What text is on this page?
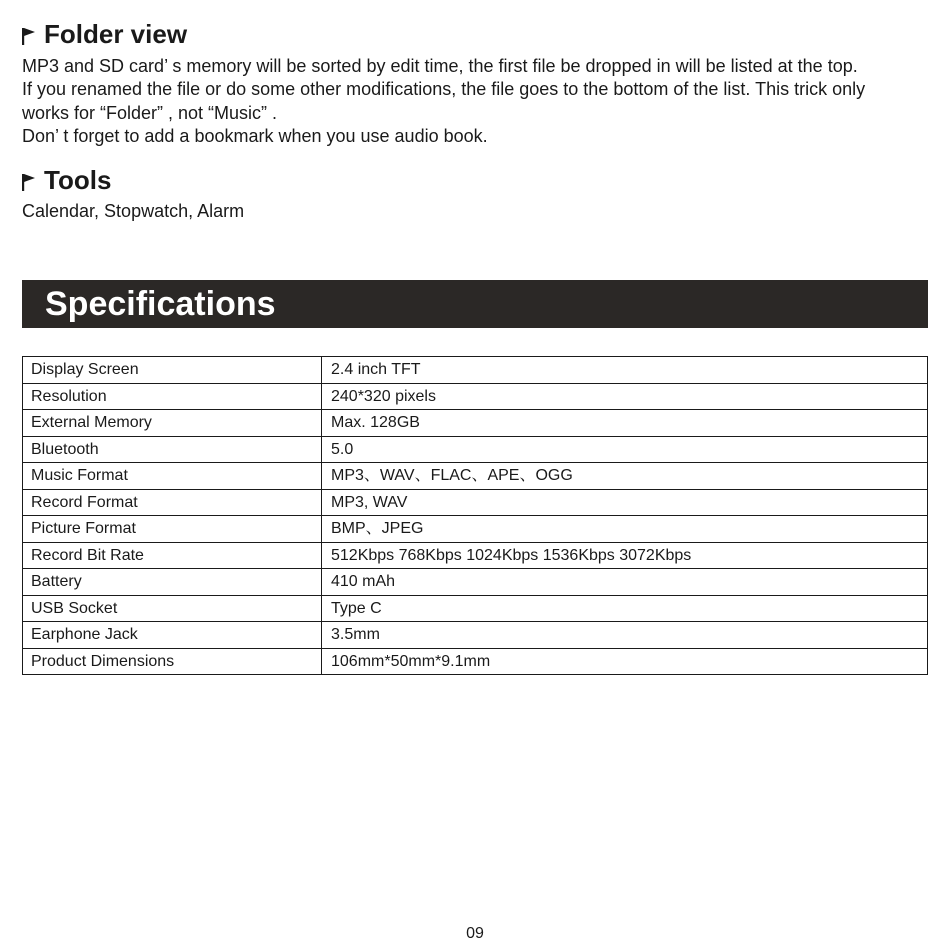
Folder view

MP3 and SD card’ s memory will be sorted by edit time, the first file be dropped in will be listed at the top.

If you renamed the file or do some other modifications, the file goes to the bottom of the list. This trick only

works for “Folder” , not “Music” .

Don’ t forget to add a bookmark when you use audio book.

Tools

Calendar, Stopwatch, Alarm

Specifications
Display Screen	2.4 inch TFT
Resolution	240*320 pixels
External Memory	Max. 128GB
Bluetooth	5.0
Music Format	MP3、WAV、FLAC、APE、OGG
Record Format	MP3, WAV
Picture Format	BMP、JPEG
Record Bit Rate	512Kbps 768Kbps 1024Kbps 1536Kbps 3072Kbps
Battery	410 mAh
USB Socket	Type C
Earphone Jack	3.5mm
Product Dimensions	106mm*50mm*9.1mm
09
